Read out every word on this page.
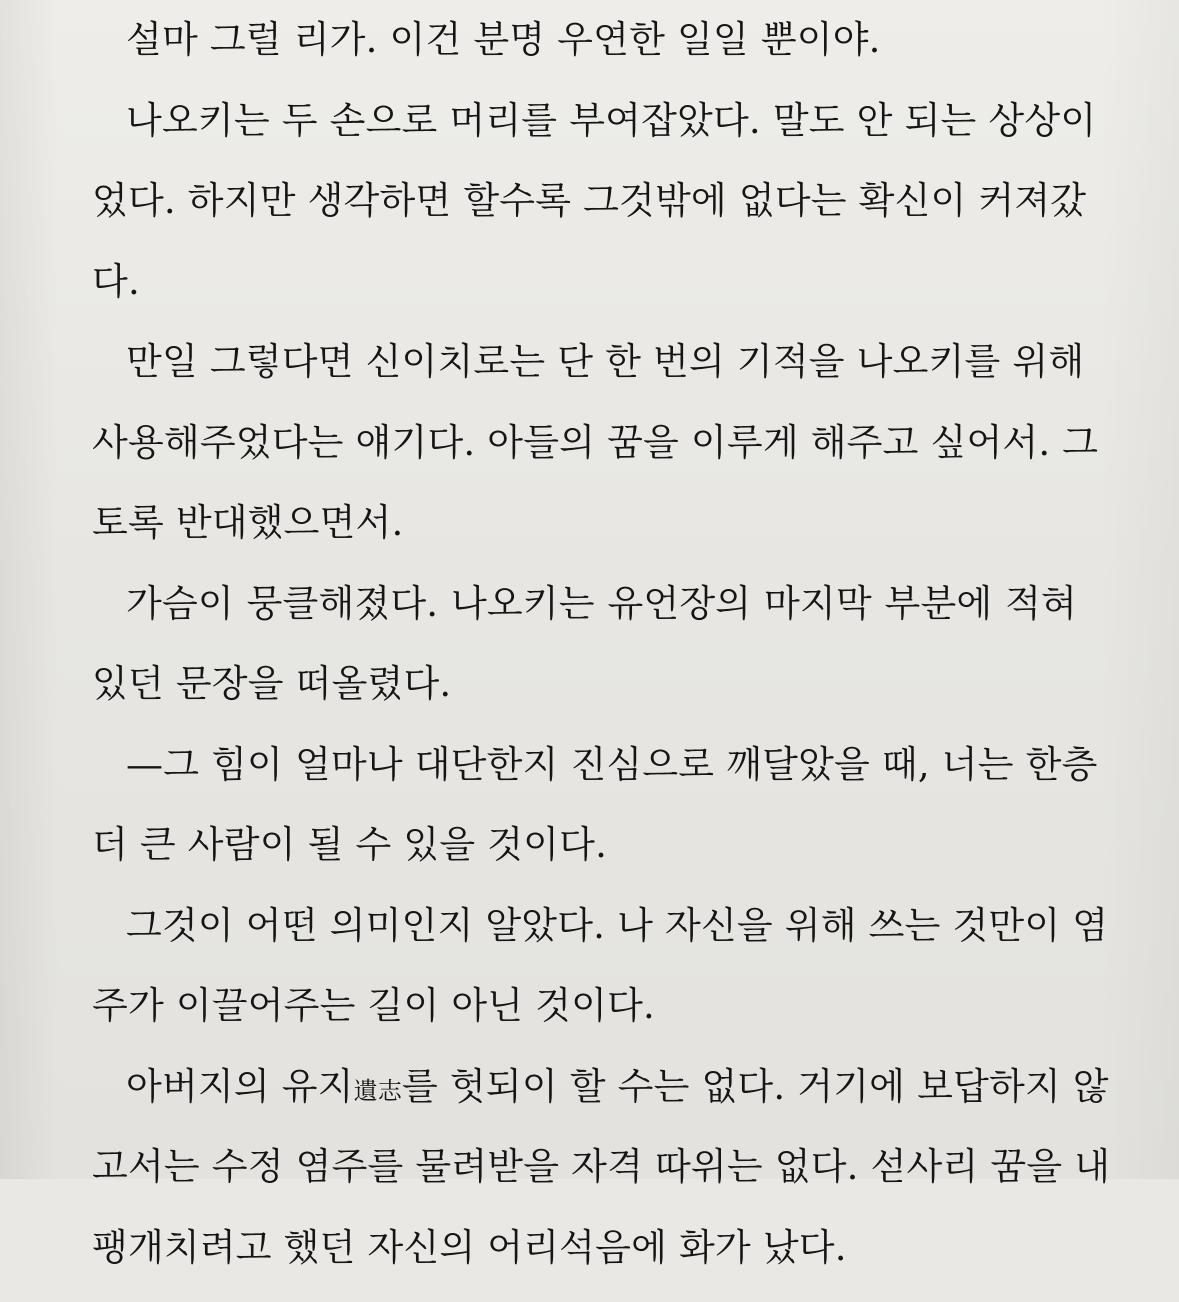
설마 그럴 리가. 이건 분명 우연한 일일 뿐이야.
나오키는 두 손으로 머리를 부여잡았다. 말도 안 되는 상상이
었다. 하지만 생각하면 할수록 그것밖에 없다는 확신이 커져갔
다.
만일 그렇다면 신이치로는 단 한 번의 기적을 나오키를 위해
사용해주었다는 얘기다. 아들의 꿈을 이루게 해주고 싶어서. 그
토록 반대했으면서.
가슴이 뭉클해졌다. 나오키는 유언장의 마지막 부분에 적혀
있던 문장을 떠올렸다.
—그 힘이 얼마나 대단한지 진심으로 깨달았을 때, 너는 한층
더 큰 사람이 될 수 있을 것이다.
그것이 어떤 의미인지 알았다. 나 자신을 위해 쓰는 것만이 염
주가 이끌어주는 길이 아닌 것이다.
아버지의 유지遺志를 헛되이 할 수는 없다. 거기에 보답하지 않
고서는 수정 염주를 물려받을 자격 따위는 없다. 섣사리 꿈을 내
팽개치려고 했던 자신의 어리석음에 화가 났다.
